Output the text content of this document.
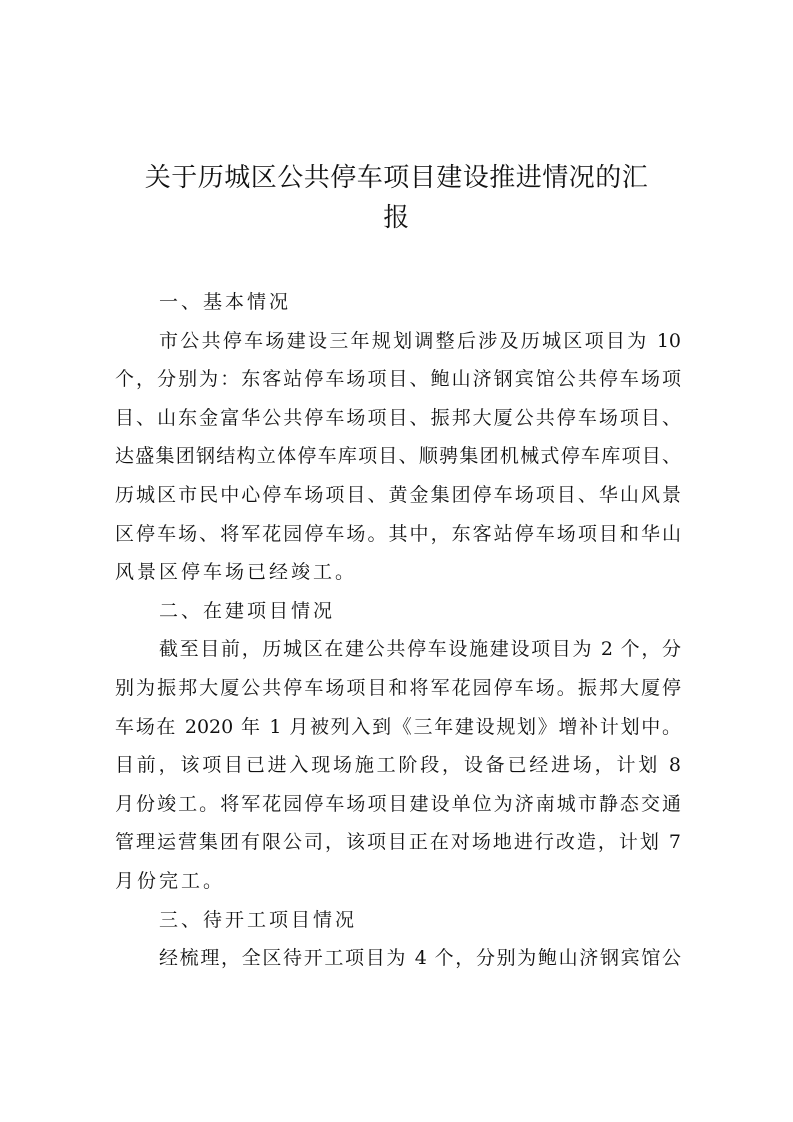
关于历城区公共停车项目建设推进情况的汇
报
一、基本情况
市公共停车场建设三年规划调整后涉及历城区项目为 10
个，分别为：东客站停车场项目、鲍山济钢宾馆公共停车场项
目、山东金富华公共停车场项目、振邦大厦公共停车场项目、
达盛集团钢结构立体停车库项目、顺骋集团机械式停车库项目、
历城区市民中心停车场项目、黄金集团停车场项目、华山风景
区停车场、将军花园停车场。其中，东客站停车场项目和华山
风景区停车场已经竣工。
二、在建项目情况
截至目前，历城区在建公共停车设施建设项目为 2 个，分
别为振邦大厦公共停车场项目和将军花园停车场。振邦大厦停
车场在 2020 年 1 月被列入到《三年建设规划》增补计划中。
目前，该项目已进入现场施工阶段，设备已经进场，计划 8
月份竣工。将军花园停车场项目建设单位为济南城市静态交通
管理运营集团有限公司，该项目正在对场地进行改造，计划 7
月份完工。
三、待开工项目情况
经梳理，全区待开工项目为 4 个，分别为鲍山济钢宾馆公
